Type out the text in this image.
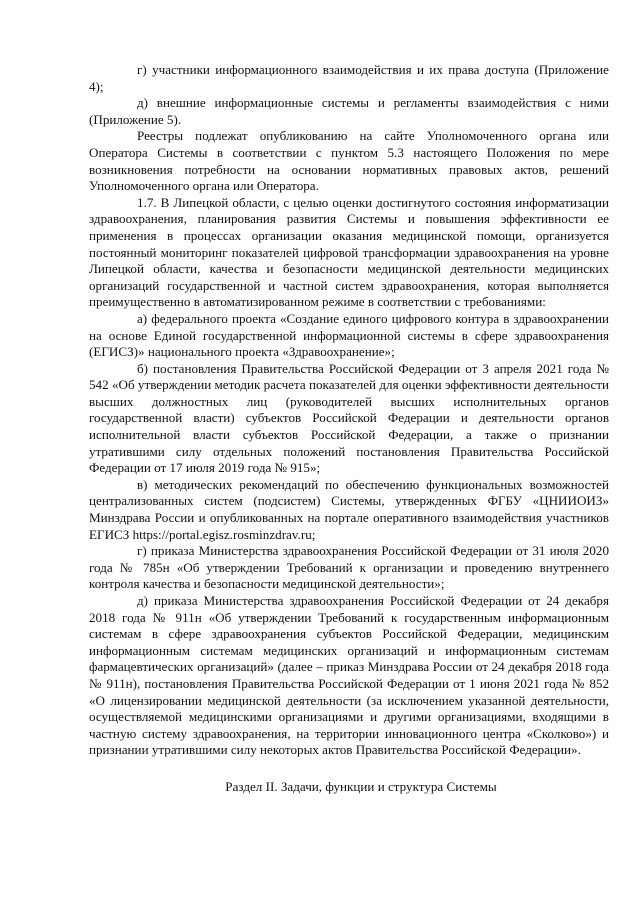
г) участники информационного взаимодействия и их права доступа (Приложение 4);

д) внешние информационные системы и регламенты взаимодействия с ними (Приложение 5).

Реестры подлежат опубликованию на сайте Уполномоченного органа или Оператора Системы в соответствии с пунктом 5.3 настоящего Положения по мере возникновения потребности на основании нормативных правовых актов, решений Уполномоченного органа или Оператора.

1.7. В Липецкой области, с целью оценки достигнутого состояния информатизации здравоохранения, планирования развития Системы и повышения эффективности ее применения в процессах организации оказания медицинской помощи, организуется постоянный мониторинг показателей цифровой трансформации здравоохранения на уровне Липецкой области, качества и безопасности медицинской деятельности медицинских организаций государственной и частной систем здравоохранения, которая выполняется преимущественно в автоматизированном режиме в соответствии с требованиями:

а) федерального проекта «Создание единого цифрового контура в здравоохранении на основе Единой государственной информационной системы в сфере здравоохранения (ЕГИСЗ)» национального проекта «Здравоохранение»;

б) постановления Правительства Российской Федерации от 3 апреля 2021 года № 542 «Об утверждении методик расчета показателей для оценки эффективности деятельности высших должностных лиц (руководителей высших исполнительных органов государственной власти) субъектов Российской Федерации и деятельности органов исполнительной власти субъектов Российской Федерации, а также о признании утратившими силу отдельных положений постановления Правительства Российской Федерации от 17 июля 2019 года № 915»;

в) методических рекомендаций по обеспечению функциональных возможностей централизованных систем (подсистем) Системы, утвержденных ФГБУ «ЦНИИОИЗ» Минздрава России и опубликованных на портале оперативного взаимодействия участников ЕГИСЗ https://portal.egisz.rosminzdrav.ru;

г) приказа Министерства здравоохранения Российской Федерации от 31 июля 2020 года № 785н «Об утверждении Требований к организации и проведению внутреннего контроля качества и безопасности медицинской деятельности»;

д) приказа Министерства здравоохранения Российской Федерации от 24 декабря 2018 года № 911н «Об утверждении Требований к государственным информационным системам в сфере здравоохранения субъектов Российской Федерации, медицинским информационным системам медицинских организаций и информационным системам фармацевтических организаций» (далее – приказ Минздрава России от 24 декабря 2018 года № 911н), постановления Правительства Российской Федерации от 1 июня 2021 года № 852 «О лицензировании медицинской деятельности (за исключением указанной деятельности, осуществляемой медицинскими организациями и другими организациями, входящими в частную систему здравоохранения, на территории инновационного центра «Сколково») и признании утратившими силу некоторых актов Правительства Российской Федерации».

Раздел II. Задачи, функции и структура Системы
